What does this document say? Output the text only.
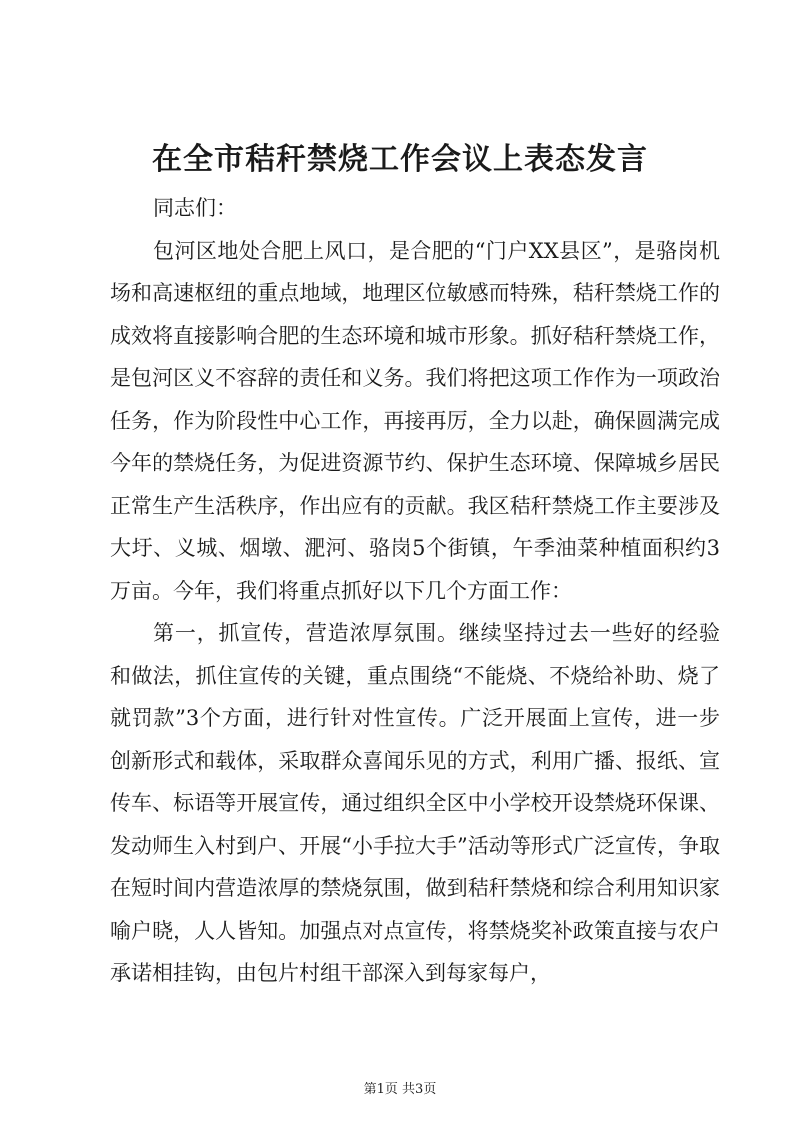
在全市秸秆禁烧工作会议上表态发言

同志们：

包河区地处合肥上风口，是合肥的“门户XX县区”，是骆岗机场和高速枢纽的重点地域，地理区位敏感而特殊，秸秆禁烧工作的成效将直接影响合肥的生态环境和城市形象。抓好秸秆禁烧工作，是包河区义不容辞的责任和义务。我们将把这项工作作为一项政治任务，作为阶段性中心工作，再接再厉，全力以赴，确保圆满完成今年的禁烧任务，为促进资源节约、保护生态环境、保障城乡居民正常生产生活秩序，作出应有的贡献。我区秸秆禁烧工作主要涉及大圩、义城、烟墩、淝河、骆岗5个街镇，午季油菜种植面积约3万亩。今年，我们将重点抓好以下几个方面工作：

第一，抓宣传，营造浓厚氛围。继续坚持过去一些好的经验和做法，抓住宣传的关键，重点围绕“不能烧、不烧给补助、烧了就罚款”3个方面，进行针对性宣传。广泛开展面上宣传，进一步创新形式和载体，采取群众喜闻乐见的方式，利用广播、报纸、宣传车、标语等开展宣传，通过组织全区中小学校开设禁烧环保课、发动师生入村到户、开展“小手拉大手”活动等形式广泛宣传，争取在短时间内营造浓厚的禁烧氛围，做到秸秆禁烧和综合利用知识家喻户晓，人人皆知。加强点对点宣传，将禁烧奖补政策直接与农户承诺相挂钩，由包片村组干部深入到每家每户，

第1页 共3页
